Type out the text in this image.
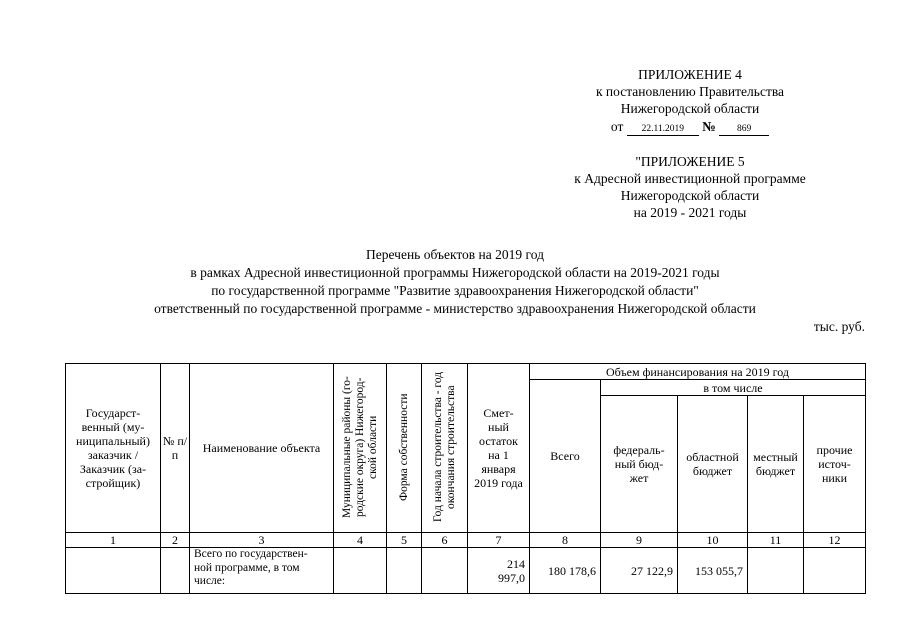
ПРИЛОЖЕНИЕ 4
к постановлению Правительства
Нижегородской области
от 22.11.2019 № 869
"ПРИЛОЖЕНИЕ 5
к Адресной инвестиционной программе
Нижегородской области
на 2019 - 2021 годы
Перечень объектов на 2019 год
в рамках Адресной инвестиционной программы Нижегородской области на 2019-2021 годы
по государственной программе "Развитие здравоохранения Нижегородской области"
ответственный по государственной программе - министерство здравоохранения Нижегородской области
тыс. руб.
Государст-венный (му-ниципальный) заказчик / Заказчик (за-стройщик)	№ п/п	Наименование объекта	Муниципальные районы (го-родские округа) Нижегород-ской области	Форма собственности	Год начала строительства - год окончания строительства	Смет-ный остаток на 1 января 2019 года	Объем финансирования на 2019 год				
							Всего	в том числе			
								федераль-ный бюд-жет	областной бюджет	местный бюджет	прочие источ-ники
1	2	3	4	5	6	7	8	9	10	11	12
		Всего по государствен-ной программе, в том числе:				214 997,0	180 178,6	27 122,9	153 055,7		
